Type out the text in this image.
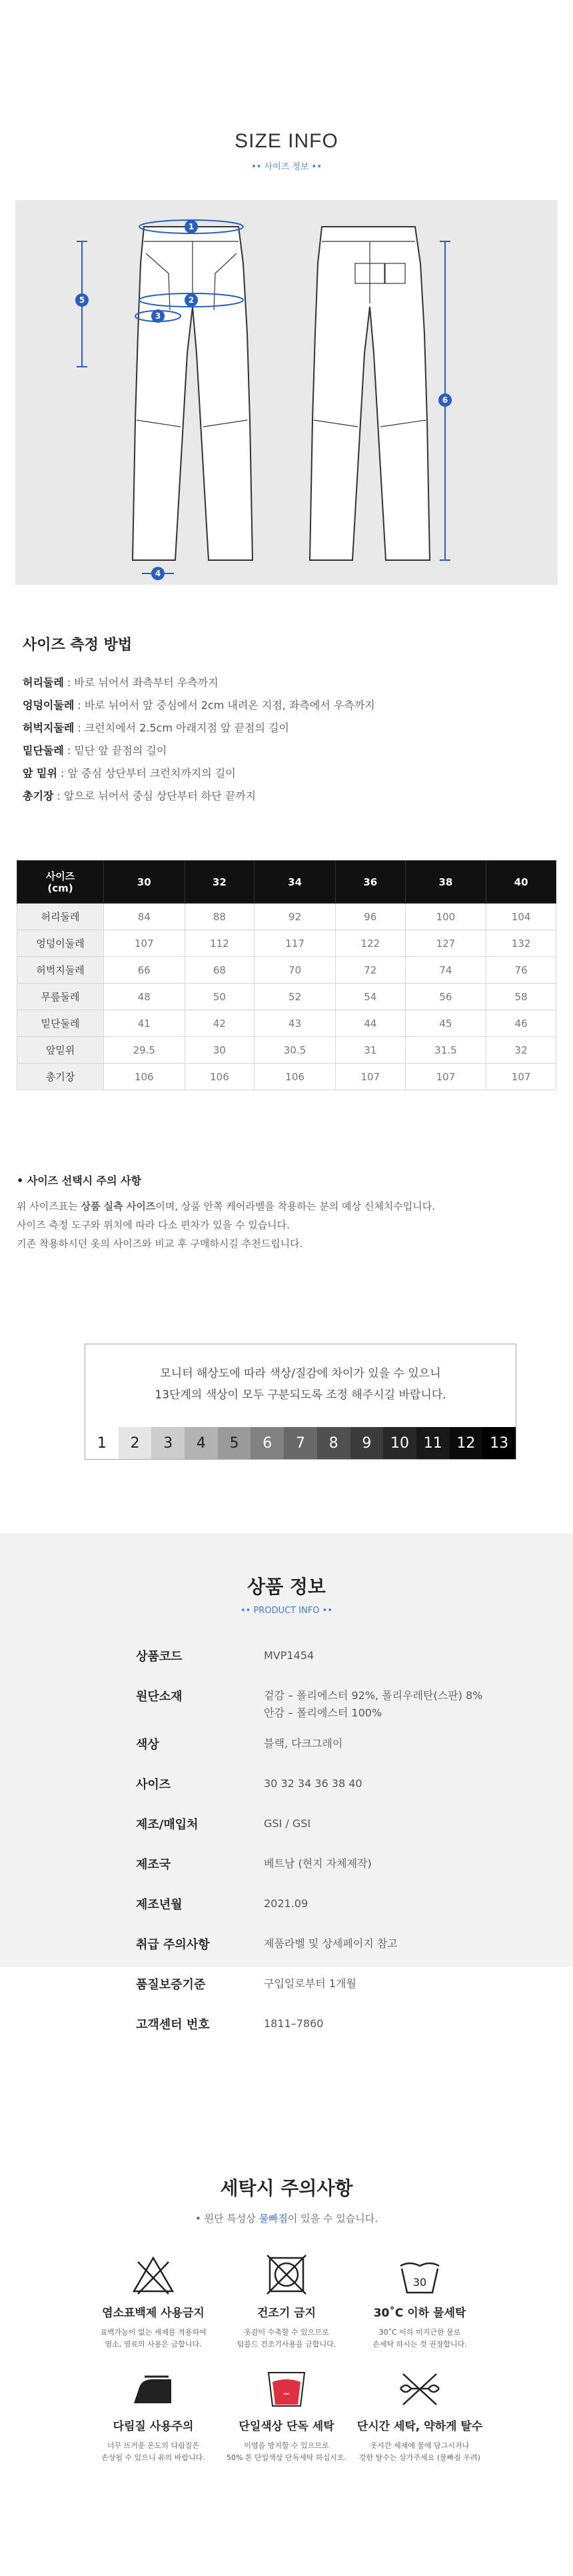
SIZE INFO
•• 사이즈 정보 ••
1
2
3
4
5
6
사이즈 측정 방법
허리둘레 : 바로 뉘어서 좌측부터 우측까지
엉덩이둘레 : 바로 뉘어서 앞 중심에서 2cm 내려온 지점, 좌측에서 우측까지
허벅지둘레 : 크런치에서 2.5cm 아래지점 앞 끝점의 길이
밑단둘레 : 밑단 앞 끝점의 길이
앞 밑위 : 앞 중심 상단부터 크런치까지의 길이
총기장 : 앞으로 뉘어서 중심 상단부터 하단 끝까지
사이즈
(cm)	30	32	34	36	38	40
허리둘레	84	88	92	96	100	104
엉덩이둘레	107	112	117	122	127	132
허벅지둘레	66	68	70	72	74	76
무릎둘레	48	50	52	54	56	58
밑단둘레	41	42	43	44	45	46
앞밑위	29.5	30	30.5	31	31.5	32
총기장	106	106	106	107	107	107
• 사이즈 선택시 주의 사항

위 사이즈표는 상품 실측 사이즈이며, 상품 안쪽 케어라벨을 착용하는 분의 예상 신체치수입니다.

사이즈 측정 도구와 위치에 따라 다소 편차가 있을 수 있습니다.

기존 착용하시던 옷의 사이즈와 비교 후 구매하시길 추천드립니다.

모니터 해상도에 따라 색상/질감에 차이가 있을 수 있으니
13단계의 색상이 모두 구분되도록 조정 해주시길 바랍니다.
1	2	3	4	5	6	7	8	9	10 11 12 13
상품 정보
•• PRODUCT INFO ••
상품코드	MVP1454
원단소재	겉감 – 폴리에스터 92%, 폴리우레탄(스판) 8%
안감 – 폴리에스터 100%
색상	블랙, 다크그레이
사이즈	30 32 34 36 38 40
제조/매입처	GSI / GSI
제조국	베트남 (현지 자체제작)
제조년월	2021.09
취급 주의사항	제품라벨 및 상세페이지 참고
품질보증기준	구입일로부터 1개월
고객센터 번호	1811–7860
세탁시 주의사항
• 원단 특성상 물빠짐이 있을 수 있습니다.
염소표백제 사용금지
표백가능이 없는 세제를 적용하여
염소, 염료의 사용은 금합니다.
건조기 금지
옷감이 수축할 수 있으므로
텀블드 건조기사용을 금합니다.
30
30˚C 이하 물세탁
30˚C 이하 미지근한 물로
손세탁 하시는 것 권장합니다.
다림질 사용주의
너무 뜨거운 온도의 다림질은
손상될 수 있으니 유의 바랍니다.
~
단일색상 단독 세탁
이염을 방지할 수 있으므로
50% 톤 단일색상 단독세탁 하십시오.
단시간 세탁, 약하게 탈수
옷시간 세제에 물에 담그시거나
강한 탈수는 삼가주세요 (물빠짐 우려)
